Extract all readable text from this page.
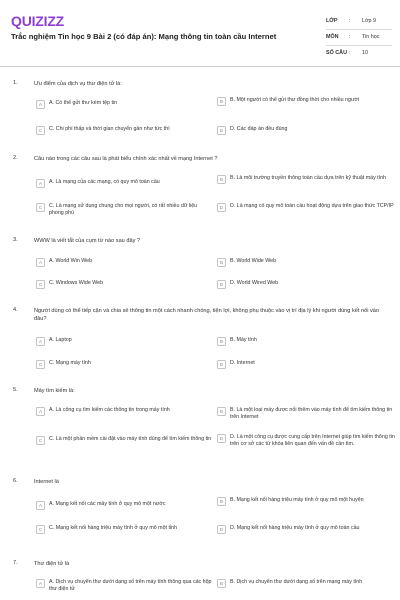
QUIZIZZ
Trắc nghiệm Tin học 9 Bài 2 (có đáp án): Mạng thông tin toàn cầu Internet
LỚP : Lớp 9
MÔN : Tin học
SỐ CÂU : 10
1.	Ưu điểm của dịch vụ thư điện tử là:
A	A. Có thể gửi thư kèm tệp tin	B	B. Một người có thể gửi thư đồng thời cho nhiều người
C	C. Chi phí thấp và thời gian chuyển gần như tức thì	D	D. Các đáp án đều đúng
2.	Câu nào trong các câu sau là phát biểu chính xác nhất về mạng Internet ?
A	A. Là mạng của các mạng, có quy mô toàn cầu	B	B. Là môi trường truyền thông toàn cầu dựa trên kỹ thuật máy tính
C	C. Là mạng sử dụng chung cho mọi người, có rất nhiều dữ liệu phong phú
D	D. Là mạng có quy mô toàn cầu hoạt động dựa trên giao thức TCP/IP
3.	WWW là viết tắt của cụm từ nào sau đây ?
A	A. World Win Web	B	B. World Wide Web
C	C. Windows Wide Web	D	D. World Wired Web
4.	Người dùng có thể tiếp cận và chia sẻ thông tin một cách nhanh chóng, tiện lợi, không phụ thuộc vào vị trí địa lý khi người dùng kết nối vào đâu?
A	A. Laptop	B	B. Máy tính
C	C. Mạng máy tính	D	D. Internet
5.	Máy tìm kiếm là:
A	A. Là công cụ tìm kiếm các thông tin trong máy tính	B	B. Là một loại máy được nối thêm vào máy tính để tìm kiếm thông tin trên Internet
C	C. Là một phần mềm cài đặt vào máy tính dùng để tìm kiếm thông tin	D	D. Là một công cụ được cung cấp trên Internet giúp tìm kiếm thông tin trên cơ sở các từ khóa liên quan đến vấn đề cần tìm.
6.	Internet là
A	A. Mạng kết nối các máy tính ở quy mô một nước	B	B. Mạng kết nối hàng triệu máy tính ở quy mô một huyện
C	C. Mạng kết nối hàng triệu máy tính ở quy mô một tỉnh	D	D. Mạng kết nối hàng triệu máy tính ở quy mô toàn cầu
7.	Thư điện tử là
A	A. Dịch vụ chuyển thư dưới dạng số trên máy tính thông qua các hộp thư điện tử
B	B. Dịch vụ chuyển thư dưới dạng số trên mạng máy tính
